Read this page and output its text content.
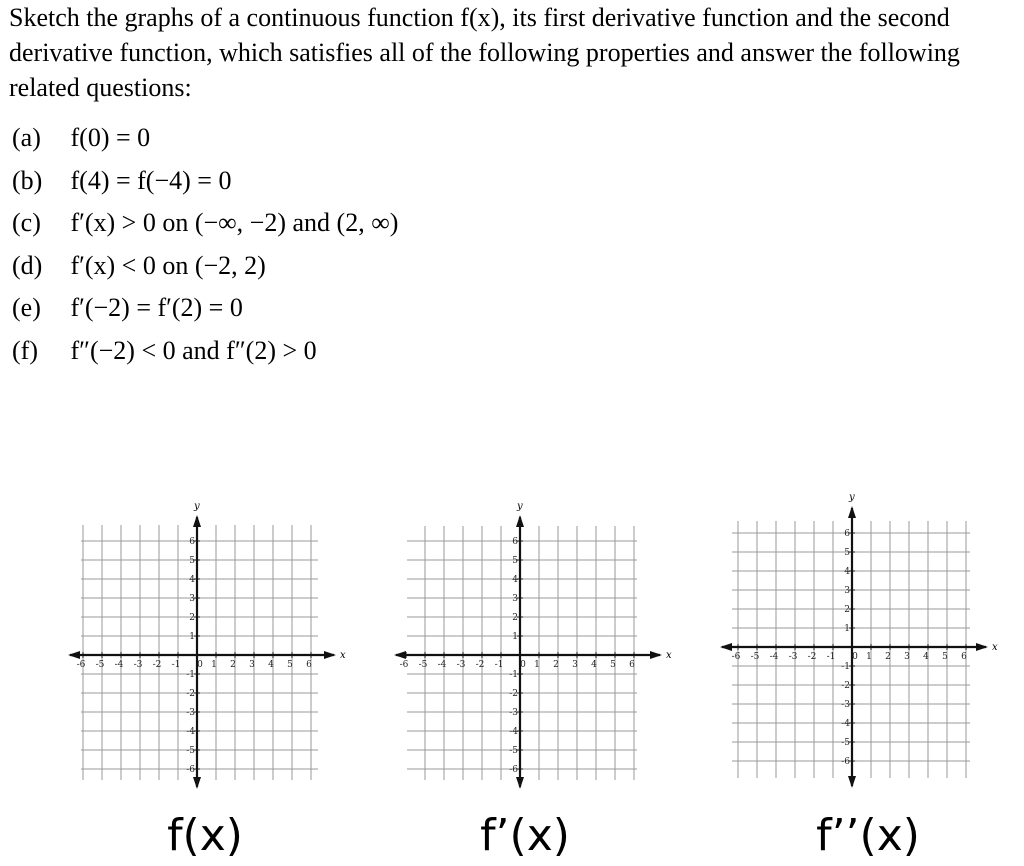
Sketch the graphs of a continuous function f(x), its first derivative function and the second derivative function, which satisfies all of the following properties and answer the following related questions:

(a) f(0) = 0
(b) f(4) = f(−4) = 0
(c) f′(x) > 0 on (−∞, −2) and (2, ∞)
(d) f′(x) < 0 on (−2, 2)
(e) f′(−2) = f′(2) = 0
(f) f″(−2) < 0 and f″(2) > 0
x
y
-6 -5 -4 -3 -2 -1 0 1 2 3 4 5 6
1
2
3
4
5
6
-1
-2
-3
-4
-5
-6
x
y
-6 -5 -4 -3 -2 -1 0 1 2 3 4 5 6
1
2
3
4
5
6
-1
-2
-3
-4
-5
-6
x
y
-6 -5 -4 -3 -2 -1 0 1 2 3 4 5 6
1
2
3
4
5
6
-1
-2
-3
-4
-5
-6
f(x)	f’(x)	f’’(x)
